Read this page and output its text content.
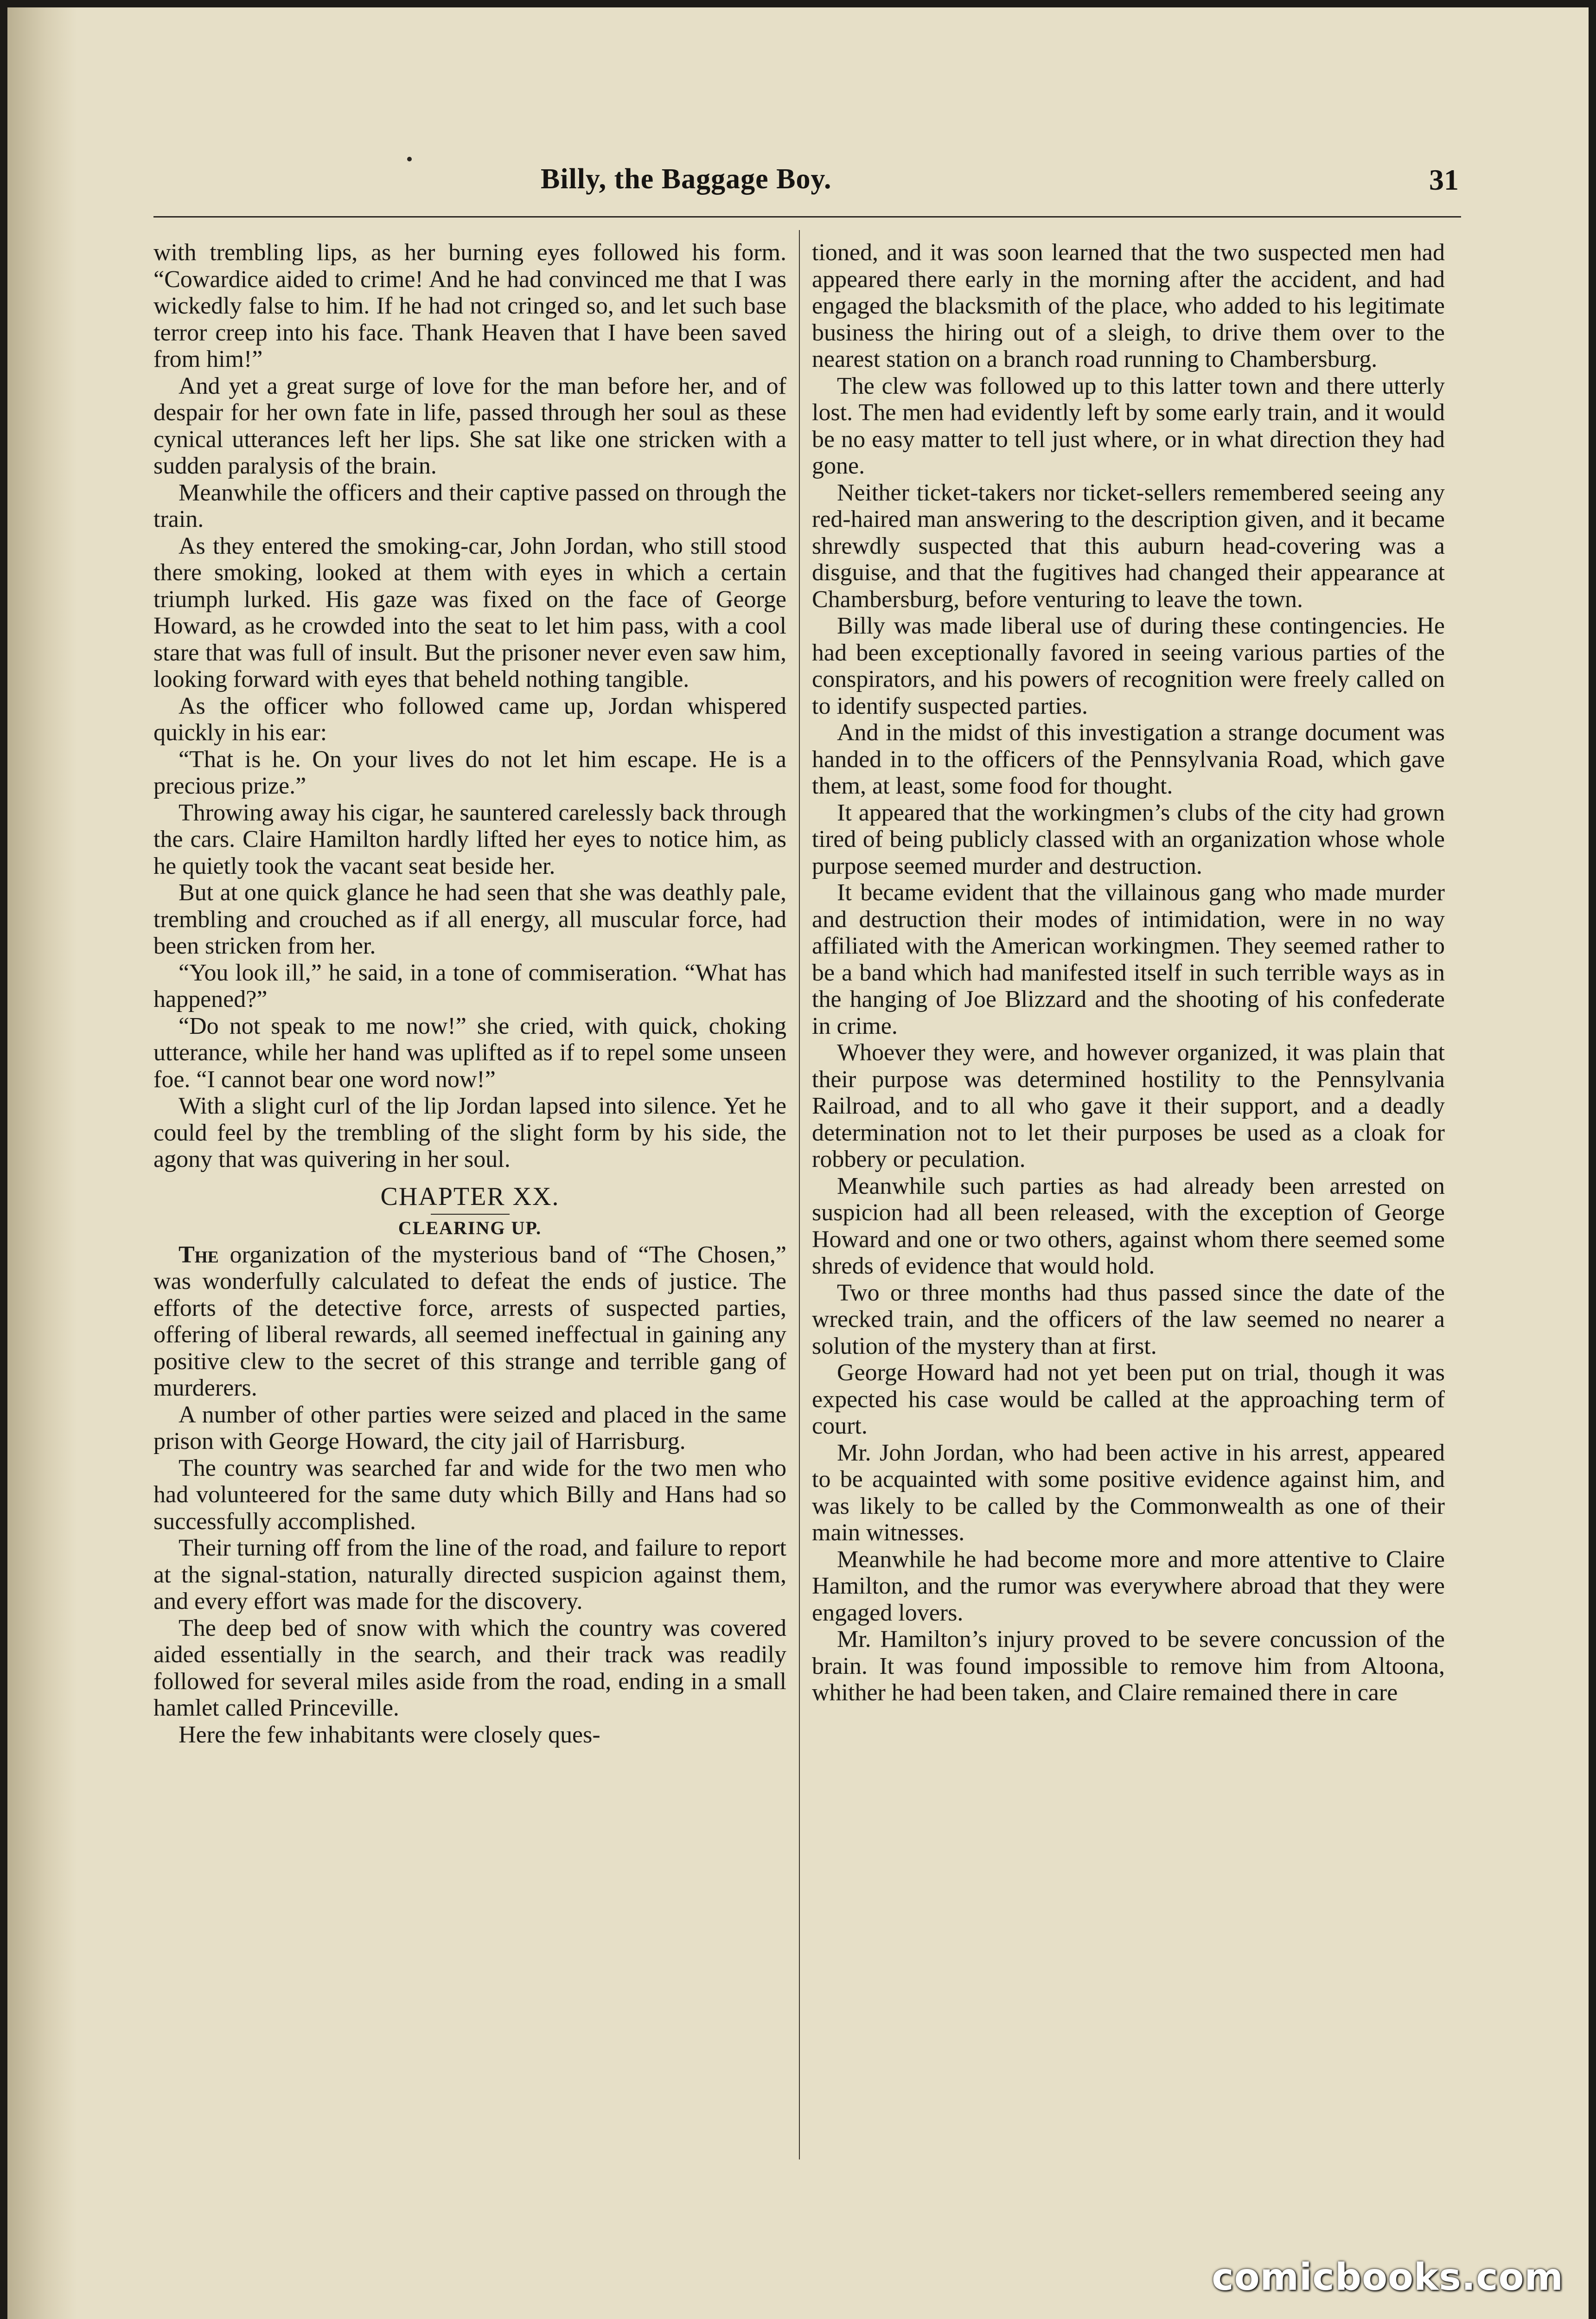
Billy, the Baggage Boy.	31

with trembling lips, as her burning eyes followed his form. “Cowardice aided to crime! And he had convinced me that I was wickedly false to him. If he had not cringed so, and let such base terror creep into his face. Thank Heaven that I have been saved from him!”

And yet a great surge of love for the man before her, and of despair for her own fate in life, passed through her soul as these cynical utterances left her lips. She sat like one stricken with a sudden paralysis of the brain.

Meanwhile the officers and their captive passed on through the train.

As they entered the smoking-car, John Jordan, who still stood there smoking, looked at them with eyes in which a certain triumph lurked. His gaze was fixed on the face of George Howard, as he crowded into the seat to let him pass, with a cool stare that was full of insult. But the prisoner never even saw him, looking forward with eyes that beheld nothing tangible.

As the officer who followed came up, Jordan whispered quickly in his ear:

“That is he. On your lives do not let him escape. He is a precious prize.”

Throwing away his cigar, he sauntered carelessly back through the cars. Claire Hamilton hardly lifted her eyes to notice him, as he quietly took the vacant seat beside her.

But at one quick glance he had seen that she was deathly pale, trembling and crouched as if all energy, all muscular force, had been stricken from her.

“You look ill,” he said, in a tone of commiseration. “What has happened?”

“Do not speak to me now!” she cried, with quick, choking utterance, while her hand was uplifted as if to repel some unseen foe. “I cannot bear one word now!”

With a slight curl of the lip Jordan lapsed into silence. Yet he could feel by the trembling of the slight form by his side, the agony that was quivering in her soul.

CHAPTER XX.
CLEARING UP.

The organization of the mysterious band of “The Chosen,” was wonderfully calculated to defeat the ends of justice. The efforts of the detective force, arrests of suspected parties, offering of liberal rewards, all seemed ineffectual in gaining any positive clew to the secret of this strange and terrible gang of murderers.

A number of other parties were seized and placed in the same prison with George Howard, the city jail of Harrisburg.

The country was searched far and wide for the two men who had volunteered for the same duty which Billy and Hans had so successfully accomplished.

Their turning off from the line of the road, and failure to report at the signal-station, naturally directed suspicion against them, and every effort was made for the discovery.

The deep bed of snow with which the country was covered aided essentially in the search, and their track was readily followed for several miles aside from the road, ending in a small hamlet called Princeville.

Here the few inhabitants were closely ques-

tioned, and it was soon learned that the two suspected men had appeared there early in the morning after the accident, and had engaged the blacksmith of the place, who added to his legitimate business the hiring out of a sleigh, to drive them over to the nearest station on a branch road running to Chambersburg.

The clew was followed up to this latter town and there utterly lost. The men had evidently left by some early train, and it would be no easy matter to tell just where, or in what direction they had gone.

Neither ticket-takers nor ticket-sellers remembered seeing any red-haired man answering to the description given, and it became shrewdly suspected that this auburn head-covering was a disguise, and that the fugitives had changed their appearance at Chambersburg, before venturing to leave the town.

Billy was made liberal use of during these contingencies. He had been exceptionally favored in seeing various parties of the conspirators, and his powers of recognition were freely called on to identify suspected parties.

And in the midst of this investigation a strange document was handed in to the officers of the Pennsylvania Road, which gave them, at least, some food for thought.

It appeared that the workingmen’s clubs of the city had grown tired of being publicly classed with an organization whose whole purpose seemed murder and destruction.

It became evident that the villainous gang who made murder and destruction their modes of intimidation, were in no way affiliated with the American workingmen. They seemed rather to be a band which had manifested itself in such terrible ways as in the hanging of Joe Blizzard and the shooting of his confederate in crime.

Whoever they were, and however organized, it was plain that their purpose was determined hostility to the Pennsylvania Railroad, and to all who gave it their support, and a deadly determination not to let their purposes be used as a cloak for robbery or peculation.

Meanwhile such parties as had already been arrested on suspicion had all been released, with the exception of George Howard and one or two others, against whom there seemed some shreds of evidence that would hold.

Two or three months had thus passed since the date of the wrecked train, and the officers of the law seemed no nearer a solution of the mystery than at first.

George Howard had not yet been put on trial, though it was expected his case would be called at the approaching term of court.

Mr. John Jordan, who had been active in his arrest, appeared to be acquainted with some positive evidence against him, and was likely to be called by the Commonwealth as one of their main witnesses.

Meanwhile he had become more and more attentive to Claire Hamilton, and the rumor was everywhere abroad that they were engaged lovers.

Mr. Hamilton’s injury proved to be severe concussion of the brain. It was found impossible to remove him from Altoona, whither he had been taken, and Claire remained there in care

comicbooks.com
